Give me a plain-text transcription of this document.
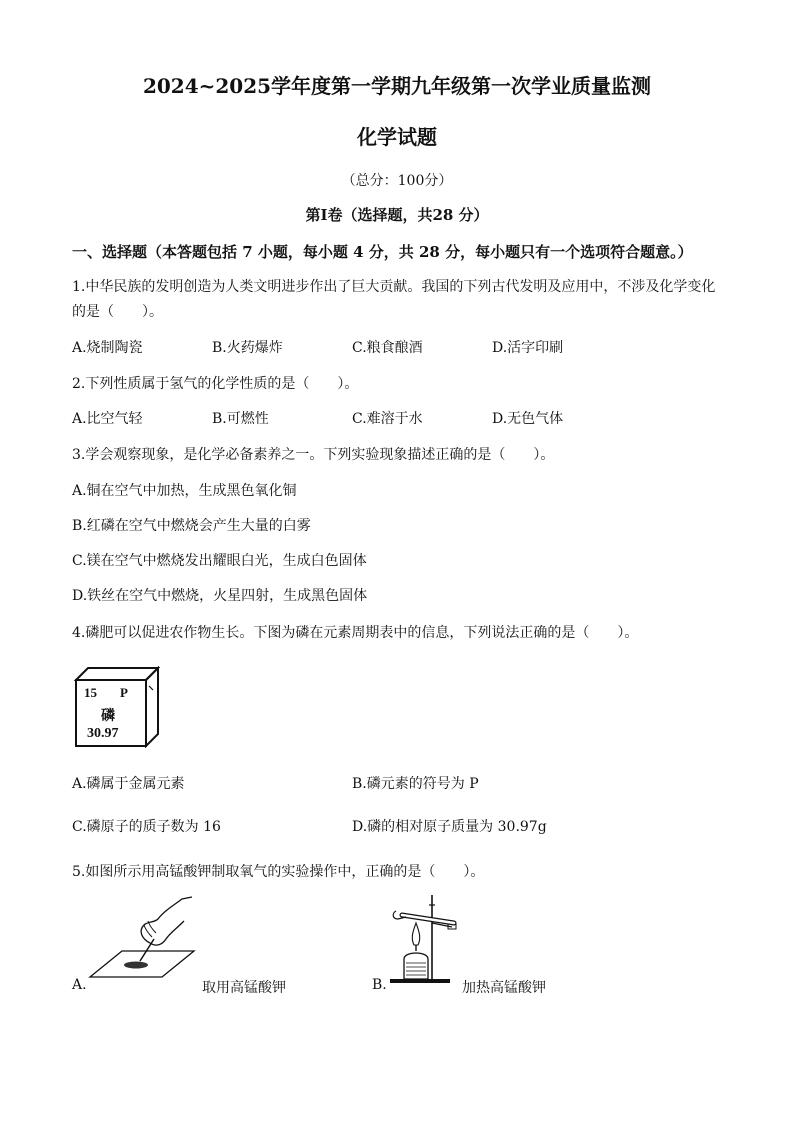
2024~2025学年度第一学期九年级第一次学业质量监测
化学试题
（总分：100分）
第Ⅰ卷（选择题，共28 分）
一、选择题（本答题包括 7 小题，每小题 4 分，共 28 分，每小题只有一个选项符合题意。）
1.中华民族的发明创造为人类文明进步作出了巨大贡献。我国的下列古代发明及应用中，不涉及化学变化
的是（　　）。
A.烧制陶瓷	B.火药爆炸	C.粮食酿酒	D.活字印刷
2.下列性质属于氢气的化学性质的是（　　）。
A.比空气轻	B.可燃性	C.难溶于水	D.无色气体
3.学会观察现象，是化学必备素养之一。下列实验现象描述正确的是（　　）。
A.铜在空气中加热，生成黑色氧化铜
B.红磷在空气中燃烧会产生大量的白雾
C.镁在空气中燃烧发出耀眼白光，生成白色固体
D.铁丝在空气中燃烧，火星四射，生成黑色固体
4.磷肥可以促进农作物生长。下图为磷在元素周期表中的信息，下列说法正确的是（　　）。
15 P
磷
30.97
A.磷属于金属元素	B.磷元素的符号为 P
C.磷原子的质子数为 16	D.磷的相对原子质量为 30.97g
5.如图所示用高锰酸钾制取氧气的实验操作中，正确的是（　　）。
A.	取用高锰酸钾	B.	加热高锰酸钾
